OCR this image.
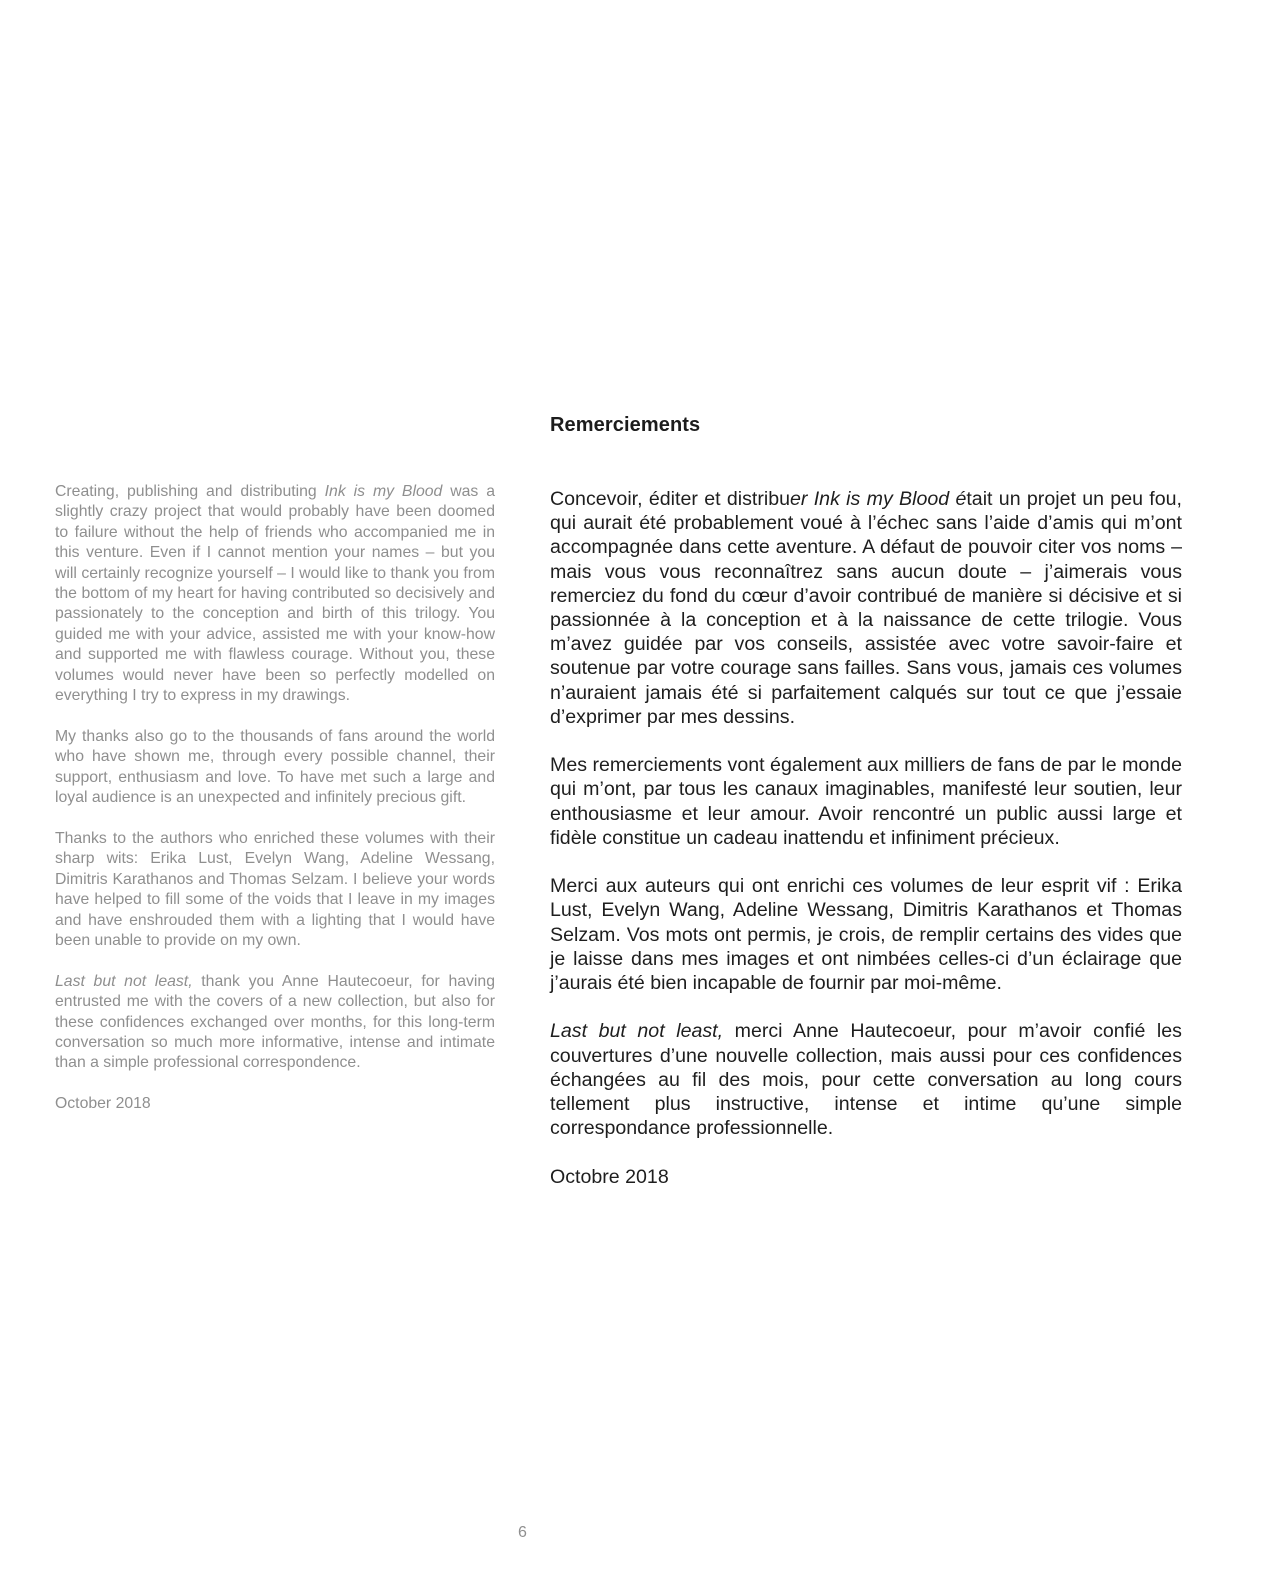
Remerciements

Creating, publishing and distributing Ink is my Blood was a slightly crazy project that would probably have been doomed to failure without the help of friends who accompanied me in this venture. Even if I cannot mention your names – but you will certainly recognize yourself – I would like to thank you from the bottom of my heart for having contributed so decisively and passionately to the conception and birth of this trilogy. You guided me with your advice, assisted me with your know-how and supported me with flawless courage. Without you, these volumes would never have been so perfectly modelled on everything I try to express in my drawings.

My thanks also go to the thousands of fans around the world who have shown me, through every possible channel, their support, enthusiasm and love. To have met such a large and loyal audience is an unexpected and infinitely precious gift.

Thanks to the authors who enriched these volumes with their sharp wits: Erika Lust, Evelyn Wang, Adeline Wessang, Dimitris Karathanos and Thomas Selzam. I believe your words have helped to fill some of the voids that I leave in my images and have enshrouded them with a lighting that I would have been unable to provide on my own.

Last but not least, thank you Anne Hautecoeur, for having entrusted me with the covers of a new collection, but also for these confidences exchanged over months, for this long-term conversation so much more informative, intense and intimate than a simple professional correspondence.

October 2018

Concevoir, éditer et distribuer Ink is my Blood était un projet un peu fou, qui aurait été probablement voué à l’échec sans l’aide d’amis qui m’ont accompagnée dans cette aventure. A défaut de pouvoir citer vos noms – mais vous vous reconnaîtrez sans aucun doute – j’aimerais vous remerciez du fond du cœur d’avoir contribué de manière si décisive et si passionnée à la conception et à la naissance de cette trilogie. Vous m’avez guidée par vos conseils, assistée avec votre savoir-faire et soutenue par votre courage sans failles. Sans vous, jamais ces volumes n’auraient jamais été si parfaitement calqués sur tout ce que j’essaie d’exprimer par mes dessins.

Mes remerciements vont également aux milliers de fans de par le monde qui m’ont, par tous les canaux imaginables, manifesté leur soutien, leur enthousiasme et leur amour. Avoir rencontré un public aussi large et fidèle constitue un cadeau inattendu et infiniment précieux.

Merci aux auteurs qui ont enrichi ces volumes de leur esprit vif : Erika Lust, Evelyn Wang, Adeline Wessang, Dimitris Karathanos et Thomas Selzam. Vos mots ont permis, je crois, de remplir certains des vides que je laisse dans mes images et ont nimbées celles-ci d’un éclairage que j’aurais été bien incapable de fournir par moi-même.

Last but not least, merci Anne Hautecoeur, pour m’avoir confié les couvertures d’une nouvelle collection, mais aussi pour ces confidences échangées au fil des mois, pour cette conversation au long cours tellement plus instructive, intense et intime qu’une simple correspondance professionnelle.

Octobre 2018

6
